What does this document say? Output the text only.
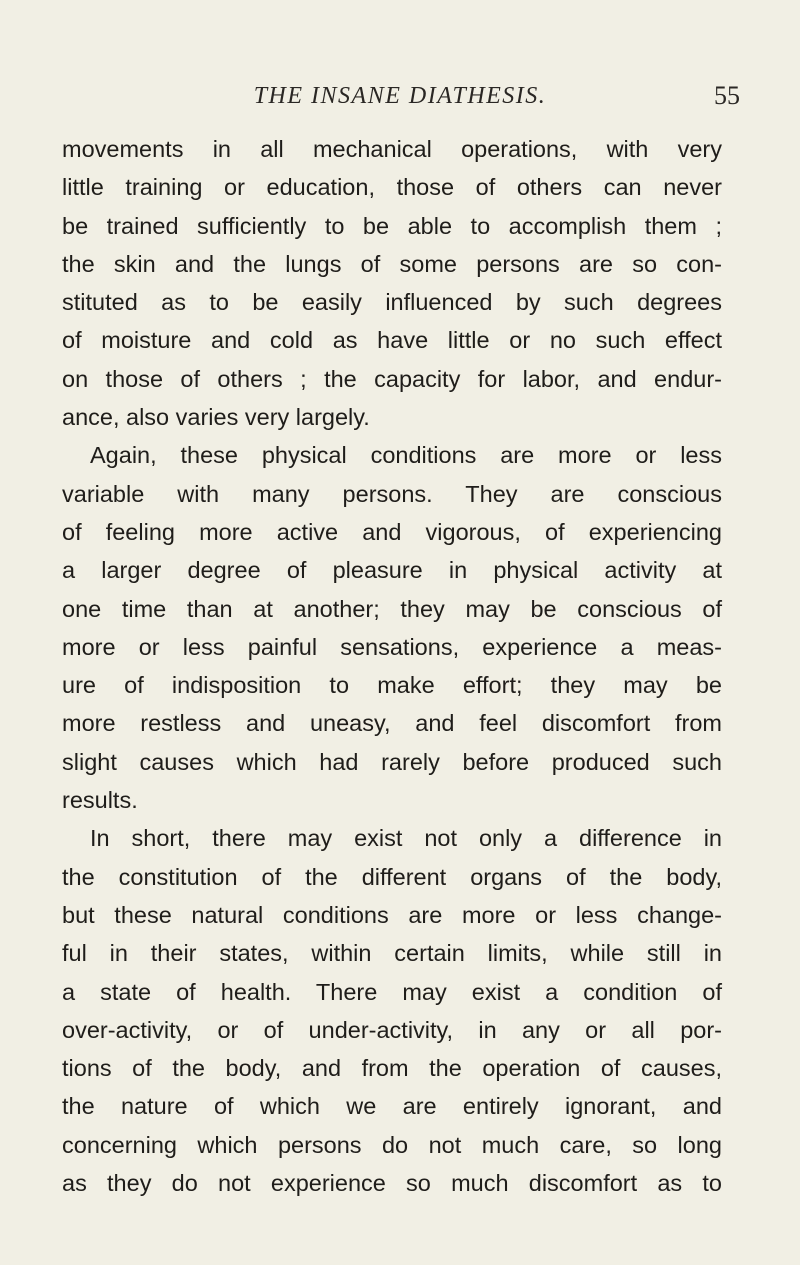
THE INSANE DIATHESIS.	55
movements in all mechanical operations, with very
little training or education, those of others can never
be trained sufficiently to be able to accomplish them ;
the skin and the lungs of some persons are so con-
stituted as to be easily influenced by such degrees
of moisture and cold as have little or no such effect
on those of others ; the capacity for labor, and endur-
ance, also varies very largely.
Again, these physical conditions are more or less
variable with many persons. They are conscious
of feeling more active and vigorous, of experiencing
a larger degree of pleasure in physical activity at
one time than at another; they may be conscious of
more or less painful sensations, experience a meas-
ure of indisposition to make effort; they may be
more restless and uneasy, and feel discomfort from
slight causes which had rarely before produced such
results.
In short, there may exist not only a difference in
the constitution of the different organs of the body,
but these natural conditions are more or less change-
ful in their states, within certain limits, while still in
a state of health. There may exist a condition of
over-activity, or of under-activity, in any or all por-
tions of the body, and from the operation of causes,
the nature of which we are entirely ignorant, and
concerning which persons do not much care, so long
as they do not experience so much discomfort as to
